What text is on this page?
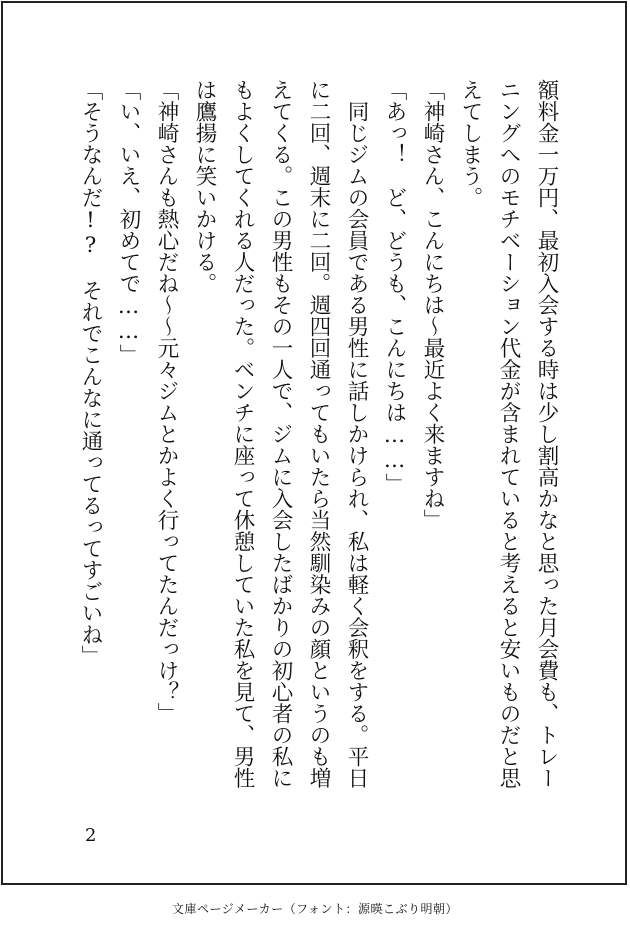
額料金一万円、最初入会する時は少し割高かなと思った月会費も、トレー
ニングへのモチベーション代金が含まれていると考えると安いものだと思
えてしまう。
「神崎さん、こんにちは〜最近よく来ますね」
「あっ！　ど、どうも、こんにちは……」
　同じジムの会員である男性に話しかけられ、私は軽く会釈をする。平日
に二回、週末に二回。週四回通ってもいたら当然馴染みの顔というのも増
えてくる。この男性もその一人で、ジムに入会したばかりの初心者の私に
もよくしてくれる人だった。ベンチに座って休憩していた私を見て、男性
は鷹揚に笑いかける。
「神崎さんも熱心だね〜〜元々ジムとかよく行ってたんだっけ？」
「い、いえ、初めてで……」
「そうなんだ!?　それでこんなに通ってるってすごいね」
2
文庫ページメーカー（フォント：源暎こぶり明朝）
